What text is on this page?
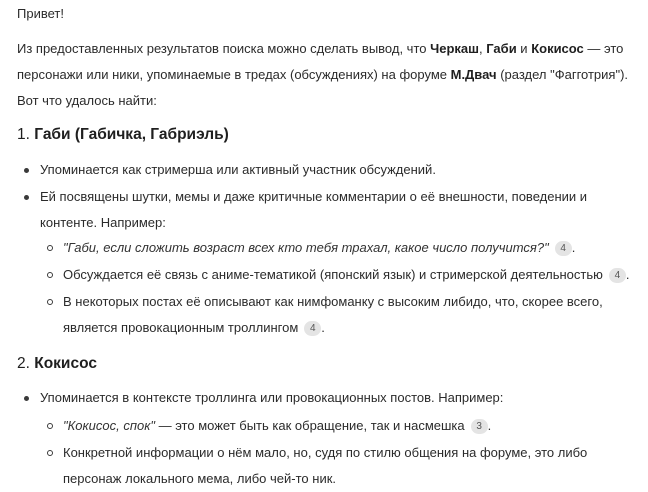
Привет!
Из предоставленных результатов поиска можно сделать вывод, что Черкаш, Габи и Кокисос — это персонажи или ники, упоминаемые в тредах (обсуждениях) на форуме М.Двач (раздел "Фагготрия"). Вот что удалось найти:
1. Габи (Габичка, Габриэль)
Упоминается как стримерша или активный участник обсуждений.
Ей посвящены шутки, мемы и даже критичные комментарии о её внешности, поведении и
контенте. Например:
"Габи, если сложить возраст всех кто тебя трахал, какое число получится?" 4 .
Обсуждается её связь с аниме-тематикой (японский язык) и стримерской деятельностью 4 .
В некоторых постах её описывают как нимфоманку с высоким либидо, что, скорее всего,
является провокационным троллингом 4 .
2. Кокисос
Упоминается в контексте троллинга или провокационных постов. Например:
"Кокисос, спок" — это может быть как обращение, так и насмешка 3 .
Конкретной информации о нём мало, но, судя по стилю общения на форуме, это либо
персонаж локального мема, либо чей-то ник.
